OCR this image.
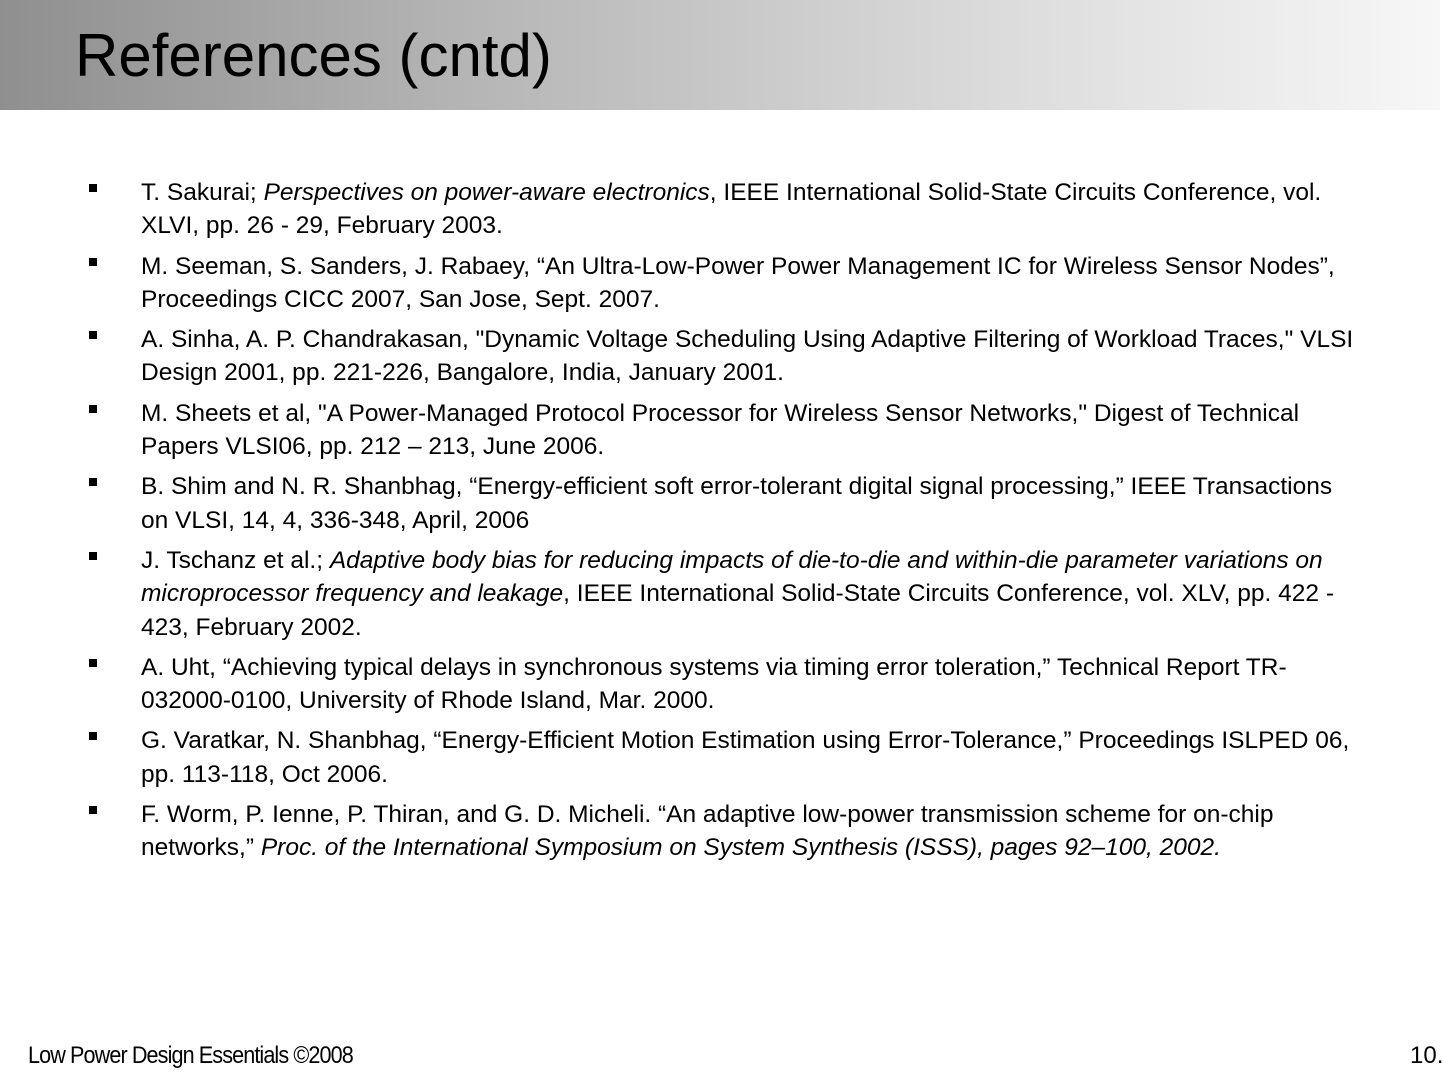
References (cntd)
T. Sakurai; Perspectives on power-aware electronics, IEEE International Solid-State Circuits Conference, vol. XLVI, pp. 26 - 29, February 2003.
M. Seeman, S. Sanders, J. Rabaey, “An Ultra-Low-Power Power Management IC for Wireless Sensor Nodes”, Proceedings CICC 2007, San Jose, Sept. 2007.
A. Sinha, A. P. Chandrakasan, "Dynamic Voltage Scheduling Using Adaptive Filtering of Workload Traces," VLSI Design 2001, pp. 221-226, Bangalore, India, January 2001.
M. Sheets et al, "A Power-Managed Protocol Processor for Wireless Sensor Networks," Digest of Technical Papers VLSI06, pp. 212 – 213, June 2006.
B. Shim and N. R. Shanbhag, “Energy-efficient soft error-tolerant digital signal processing,” IEEE Transactions on VLSI, 14, 4, 336-348, April, 2006
J. Tschanz et al.; Adaptive body bias for reducing impacts of die-to-die and within-die parameter variations on microprocessor frequency and leakage, IEEE International Solid-State Circuits Conference, vol. XLV, pp. 422 - 423, February 2002.
A. Uht, “Achieving typical delays in synchronous systems via timing error toleration,” Technical Report TR-032000-0100, University of Rhode Island, Mar. 2000.
G. Varatkar, N. Shanbhag, “Energy-Efficient Motion Estimation using Error-Tolerance,” Proceedings ISLPED 06, pp. 113-118, Oct 2006.
F. Worm, P. Ienne, P. Thiran, and G. D. Micheli. “An adaptive low-power transmission scheme for on-chip networks,” Proc. of the International Symposium on System Synthesis (ISSS), pages 92–100, 2002.
Low Power Design Essentials ©2008	10.
